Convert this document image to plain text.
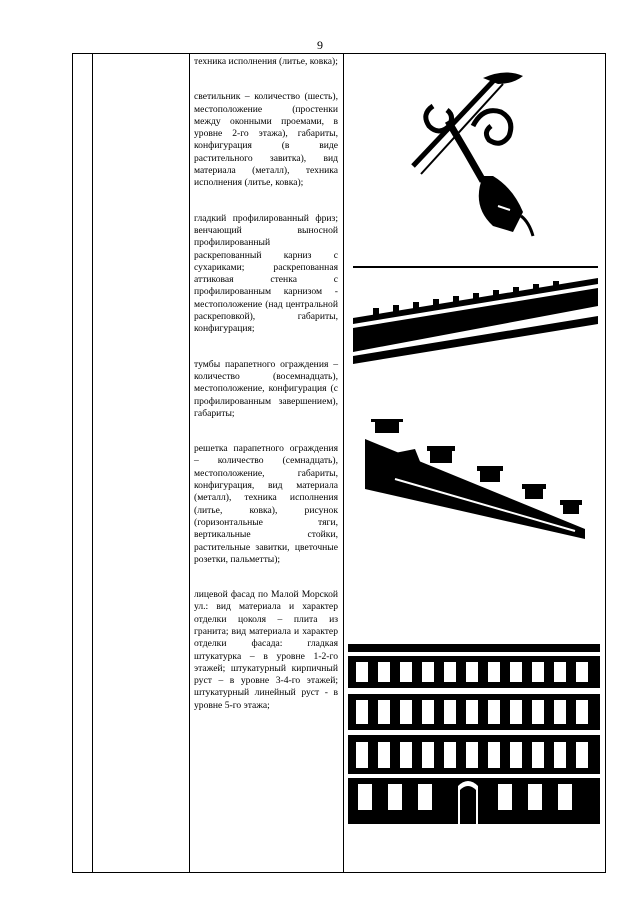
9

техника исполнения (литье, ковка);

светильник – количество (шесть), местоположение (простенки между оконными проемами, в уровне 2-го этажа), габариты, конфигурация (в виде растительного завитка), вид материала (металл), техника исполнения (литье, ковка);

гладкий профилированный фриз; венчающий выносной профилированный раскрепованный карниз с сухариками; раскрепованная аттиковая стенка с профилированным карнизом - местоположение (над центральной раскреповкой), габариты, конфигурация;

тумбы парапетного ограждения – количество (восемнадцать), местоположение, конфигурация (с профилированным завершением), габариты;

решетка парапетного ограждения – количество (семнадцать), местоположение, габариты, конфигурация, вид материала (металл), техника исполнения (литье, ковка), рисунок (горизонтальные тяги, вертикальные стойки, растительные завитки, цветочные розетки, пальметты);

лицевой фасад по Малой Морской ул.: вид материала и характер отделки цоколя – плита из гранита; вид материала и характер отделки фасада: гладкая штукатурка – в уровне 1-2-го этажей; штукатурный кирпичный руст – в уровне 3-4-го этажей; штукатурный линейный руст - в уровне 5-го этажа;
